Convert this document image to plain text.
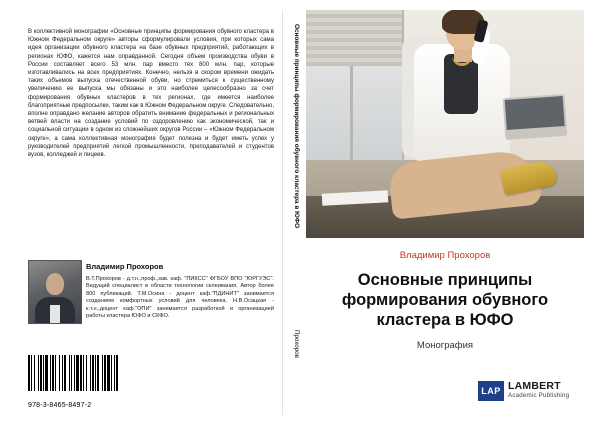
В коллективной монографии «Основные принципы формирования обувного кластера в Южном Федеральном округе» авторы сформулировали условия, при которых сама идея организации обувного кластера на базе обувных предприятий, работающих в регионах ЮФО, кажется нам оправданной. Сегодня объем производства обуви в России составляет всего 53 млн. пар вместо тех 800 млн. пар, которые изготавливались на всех предприятиях. Конечно, нельзя в скором времени ожидать таких объемов выпуска отечественной обуви, но стремиться к существенному увеличению ее выпуска мы обязаны и это наиболее целесообразно за счет формирования обувных кластеров в тех регионах, где имеется наиболее благоприятные предпосылки, таким как в Южном Федеральном округе. Следовательно, вполне оправдано желание авторов обратить внимание федеральных и региональных ветвей власти на создание условий по оздоровлению как экономической, так и социальной ситуации в одном из сложнейших округов России – «Южном Федеральном округе», а сама коллективная монография будет полезна и будет иметь успех у руководителей предприятий легкой промышленности, преподавателей и студентов вузов, колледжей и лицеев.
Владимир Прохоров
В.Т.Прохоров - д.т.н.,проф.,зав. каф. "ПИКСС" ФГБОУ ВПО "ЮРГУЭС". Ведущий специалист в области технологии склеивания. Автор более 800 публикаций. Т.М.Осина - доцент каф."ПДИНИТ" занимается созданием комфортных условий для человека. Н.В.Осацкая - к.т.н.,доцент каф."ОПИ" занимается разработкой и организацией работы кластера ЮФО и СКФО.
978-3-8465-8497-2
Основные принципы формирования обувного кластера в ЮФО
Прохоров
Владимир Прохоров
Основные принципы формирования обувного кластера в ЮФО
Монография
LAP LAMBERT
Academic Publishing
